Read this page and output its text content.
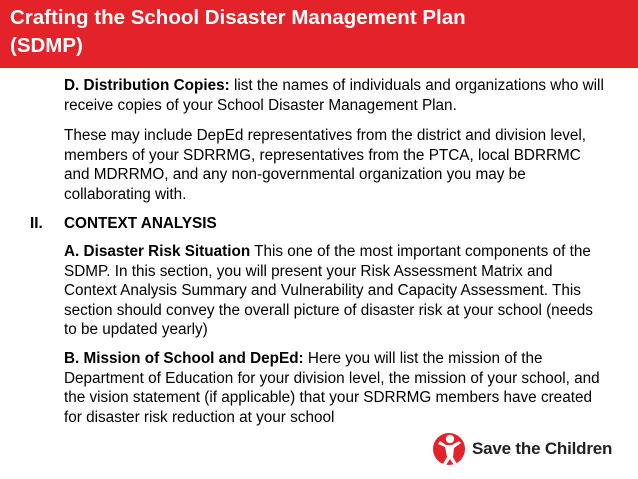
Crafting the School Disaster Management Plan
(SDMP)
D. Distribution Copies: list the names of individuals and organizations who will receive copies of your School Disaster Management Plan.
These may include DepEd representatives from the district and division level, members of your SDRRMG, representatives from the PTCA, local BDRRMC and MDRRMO, and any non-governmental organization you may be collaborating with.
II. CONTEXT ANALYSIS
A. Disaster Risk Situation This one of the most important components of the SDMP. In this section, you will present your Risk Assessment Matrix and Context Analysis Summary and Vulnerability and Capacity Assessment. This section should convey the overall picture of disaster risk at your school (needs to be updated yearly)
B. Mission of School and DepEd: Here you will list the mission of the Department of Education for your division level, the mission of your school, and the vision statement (if applicable) that your SDRRMG members have created for disaster risk reduction at your school
Save the Children
